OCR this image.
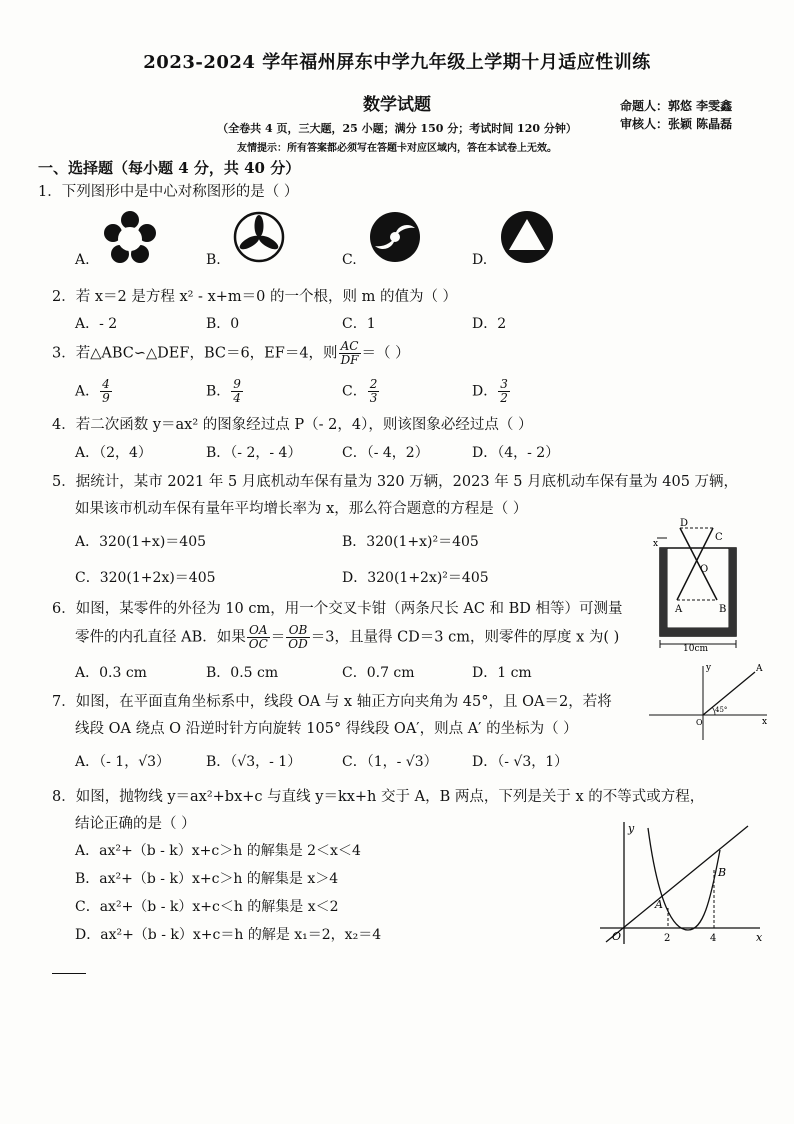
2023-2024 学年福州屏东中学九年级上学期十月适应性训练
数学试题	命题人：郭悠 李雯鑫
审核人：张颖 陈晶磊
（全卷共 4 页，三大题，25 小题；满分 150 分；考试时间 120 分钟）
友情提示：所有答案都必须写在答题卡对应区域内，答在本试卷上无效。
一、选择题（每小题 4 分，共 40 分）
1．下列图形中是中心对称图形的是（ ）
A.	B.	C.	D.
2．若 x＝2 是方程 x² - x+m＝0 的一个根，则 m 的值为（ ）
A．- 2	B．0	C．1	D．2
3．若△ABC∽△DEF，BC＝6，EF＝4，则 $\frac{AC}{DF}$ ＝（ ）
A． $\frac{4}{9}$	B． $\frac{9}{4}$	C． $\frac{2}{3}$	D． $\frac{3}{2}$
4．若二次函数 y＝ax² 的图象经过点 P（- 2，4），则该图象必经过点（ ）
A．（2，4）	B．（- 2，- 4）	C．（- 4，2）	D．（4，- 2）
5．据统计，某市 2021 年 5 月底机动车保有量为 320 万辆，2023 年 5 月底机动车保有量为 405 万辆，
如果该市机动车保有量年平均增长率为 x，那么符合题意的方程是（ ）
A．320(1+x)＝405	B．320(1+x)²＝405
C．320(1+2x)＝405	D．320(1+2x)²＝405
D
C
O
A	B
x
10cm
6．如图，某零件的外径为 10 cm，用一个交叉卡钳（两条尺长 AC 和 BD 相等）可测量
零件的内孔直径 AB．如果 $\frac{OA}{OC} = \frac{OB}{OD} =3$，且量得 CD＝3 cm，则零件的厚度 x 为( )
A．0.3 cm	B．0.5 cm	C．0.7 cm	D．1 cm	y
x
O
45°
A
7．如图，在平面直角坐标系中，线段 OA 与 x 轴正方向夹角为 45°，且 OA＝2，若将
线段 OA 绕点 O 沿逆时针方向旋转 105° 得线段 OA′，则点 A′ 的坐标为（ ）
A．（- 1，√3）	B．（√3，- 1）	C．（1，- √3） D．（- √3，1）
8．如图，抛物线 y＝ax²+bx+c 与直线 y＝kx+h 交于 A，B 两点，下列是关于 x 的不等式或方程，
结论正确的是（ ）
A．ax²+（b - k）x+c＞h 的解集是 2＜x＜4
B．ax²+（b - k）x+c＞h 的解集是 x＞4
C．ax²+（b - k）x+c＜h 的解集是 x＜2
D．ax²+（b - k）x+c＝h 的解是 x₁＝2，x₂＝4
y
x
O
A
B
2	4
